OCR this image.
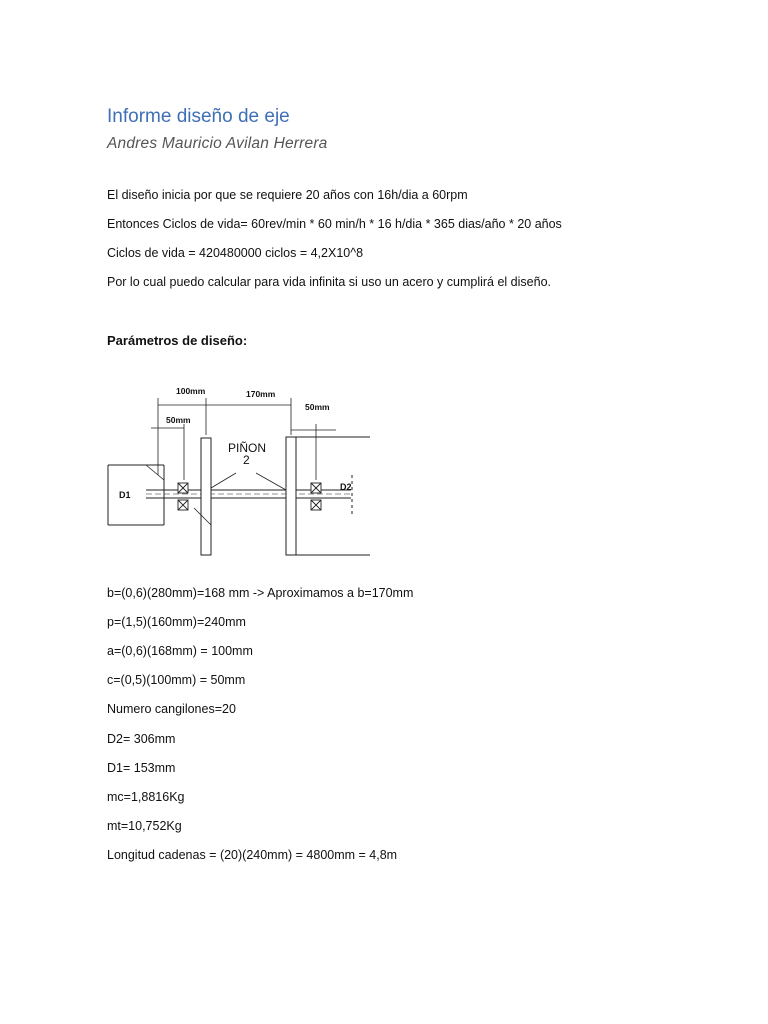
Informe diseño de eje
Andres Mauricio Avilan Herrera
El diseño inicia por que se requiere 20 años con 16h/dia a 60rpm
Entonces Ciclos de vida= 60rev/min * 60 min/h * 16 h/dia * 365 dias/año * 20 años
Ciclos de vida = 420480000 ciclos = 4,2X10^8
Por lo cual puedo calcular para vida infinita si uso un acero y cumplirá el diseño.
Parámetros de diseño:
100mm	170mm
50mm
50mm
PIÑON
2
D1
D2
b=(0,6)(280mm)=168 mm -> Aproximamos a b=170mm
p=(1,5)(160mm)=240mm
a=(0,6)(168mm) = 100mm
c=(0,5)(100mm) = 50mm
Numero cangilones=20
D2= 306mm
D1= 153mm
mc=1,8816Kg
mt=10,752Kg
Longitud cadenas = (20)(240mm) = 4800mm = 4,8m
